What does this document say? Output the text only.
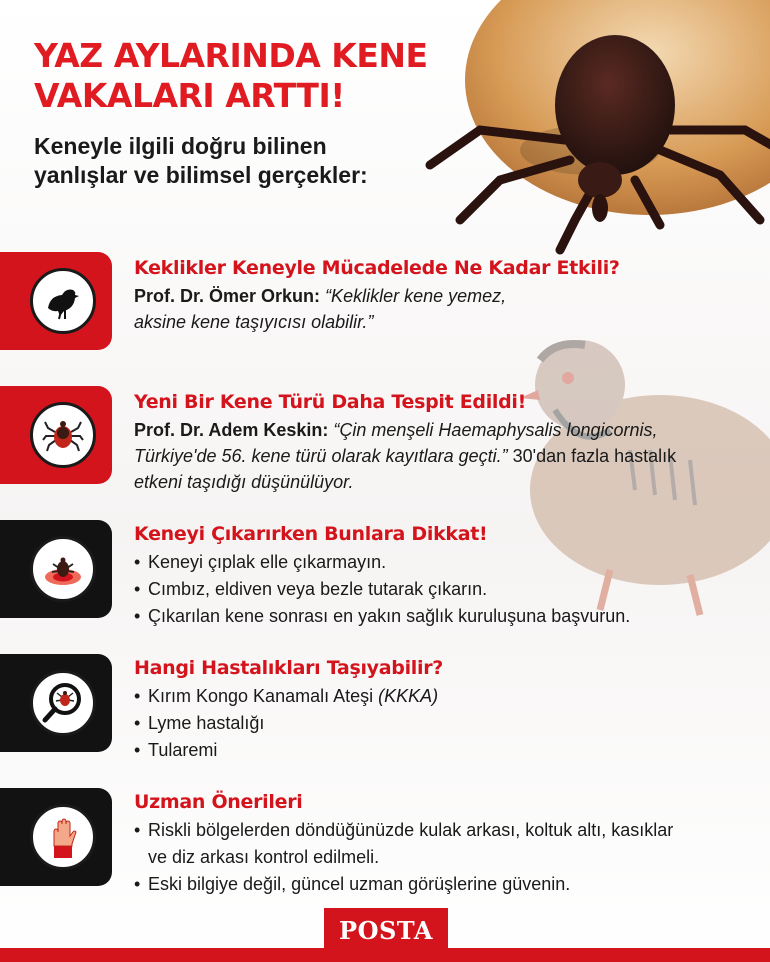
YAZ AYLARINDA KENE
VAKALARI ARTTI!
Keneyle ilgili doğru bilinen
yanlışlar ve bilimsel gerçekler:
Keklikler Keneyle Mücadelede Ne Kadar Etkili?
Prof. Dr. Ömer Orkun: “Keklikler kene yemez, aksine kene taşıyıcısı olabilir.”
Yeni Bir Kene Türü Daha Tespit Edildi!
Prof. Dr. Adem Keskin: “Çin menşeli Haemaphysalis longicornis, Türkiye'de 56. kene türü olarak kayıtlara geçti.” 30'dan fazla hastalık etkeni taşıdığı düşünülüyor.
Keneyi Çıkarırken Bunlara Dikkat!
• Keneyi çıplak elle çıkarmayın.
• Cımbız, eldiven veya bezle tutarak çıkarın.
• Çıkarılan kene sonrası en yakın sağlık kuruluşuna başvurun.
Hangi Hastalıkları Taşıyabilir?
• Kırım Kongo Kanamalı Ateşi (KKKA)
• Lyme hastalığı
• Tularemi
Uzman Önerileri
• Riskli bölgelerden döndüğünüzde kulak arkası, koltuk altı, kasıklar ve diz arkası kontrol edilmeli.
• Eski bilgiye değil, güncel uzman görüşlerine güvenin.
POSTA
